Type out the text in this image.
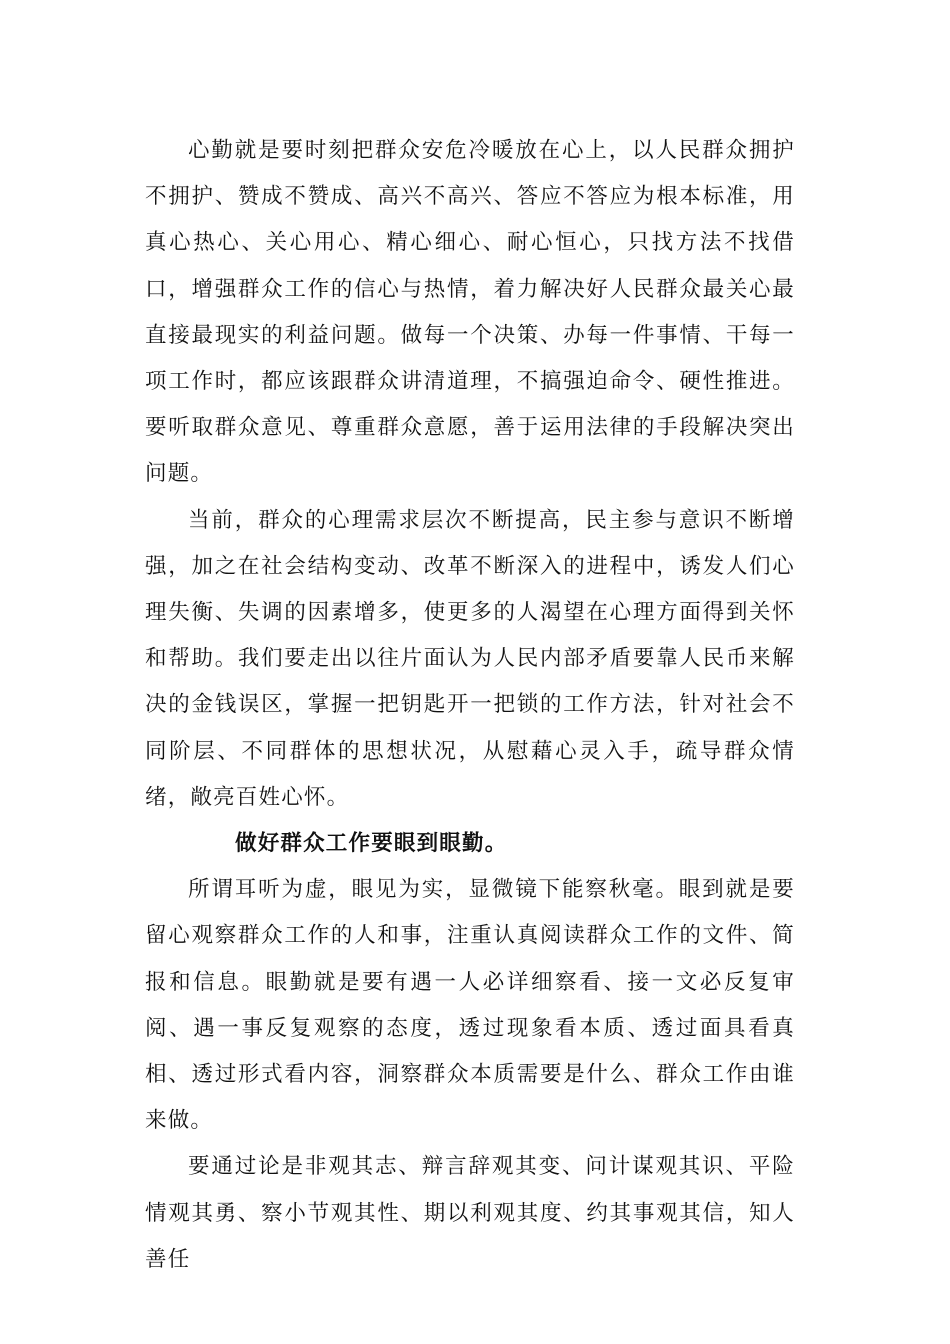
心勤就是要时刻把群众安危冷暖放在心上，以人民群众拥护不拥护、赞成不赞成、高兴不高兴、答应不答应为根本标准，用真心热心、关心用心、精心细心、耐心恒心，只找方法不找借口，增强群众工作的信心与热情，着力解决好人民群众最关心最直接最现实的利益问题。做每一个决策、办每一件事情、干每一项工作时，都应该跟群众讲清道理，不搞强迫命令、硬性推进。要听取群众意见、尊重群众意愿，善于运用法律的手段解决突出问题。

当前，群众的心理需求层次不断提高，民主参与意识不断增强，加之在社会结构变动、改革不断深入的进程中，诱发人们心理失衡、失调的因素增多，使更多的人渴望在心理方面得到关怀和帮助。我们要走出以往片面认为人民内部矛盾要靠人民币来解决的金钱误区，掌握一把钥匙开一把锁的工作方法，针对社会不同阶层、不同群体的思想状况，从慰藉心灵入手，疏导群众情绪，敞亮百姓心怀。

做好群众工作要眼到眼勤。

所谓耳听为虚，眼见为实，显微镜下能察秋毫。眼到就是要留心观察群众工作的人和事，注重认真阅读群众工作的文件、简报和信息。眼勤就是要有遇一人必详细察看、接一文必反复审阅、遇一事反复观察的态度，透过现象看本质、透过面具看真相、透过形式看内容，洞察群众本质需要是什么、群众工作由谁来做。

要通过论是非观其志、辩言辞观其变、问计谋观其识、平险情观其勇、察小节观其性、期以利观其度、约其事观其信，知人善任
